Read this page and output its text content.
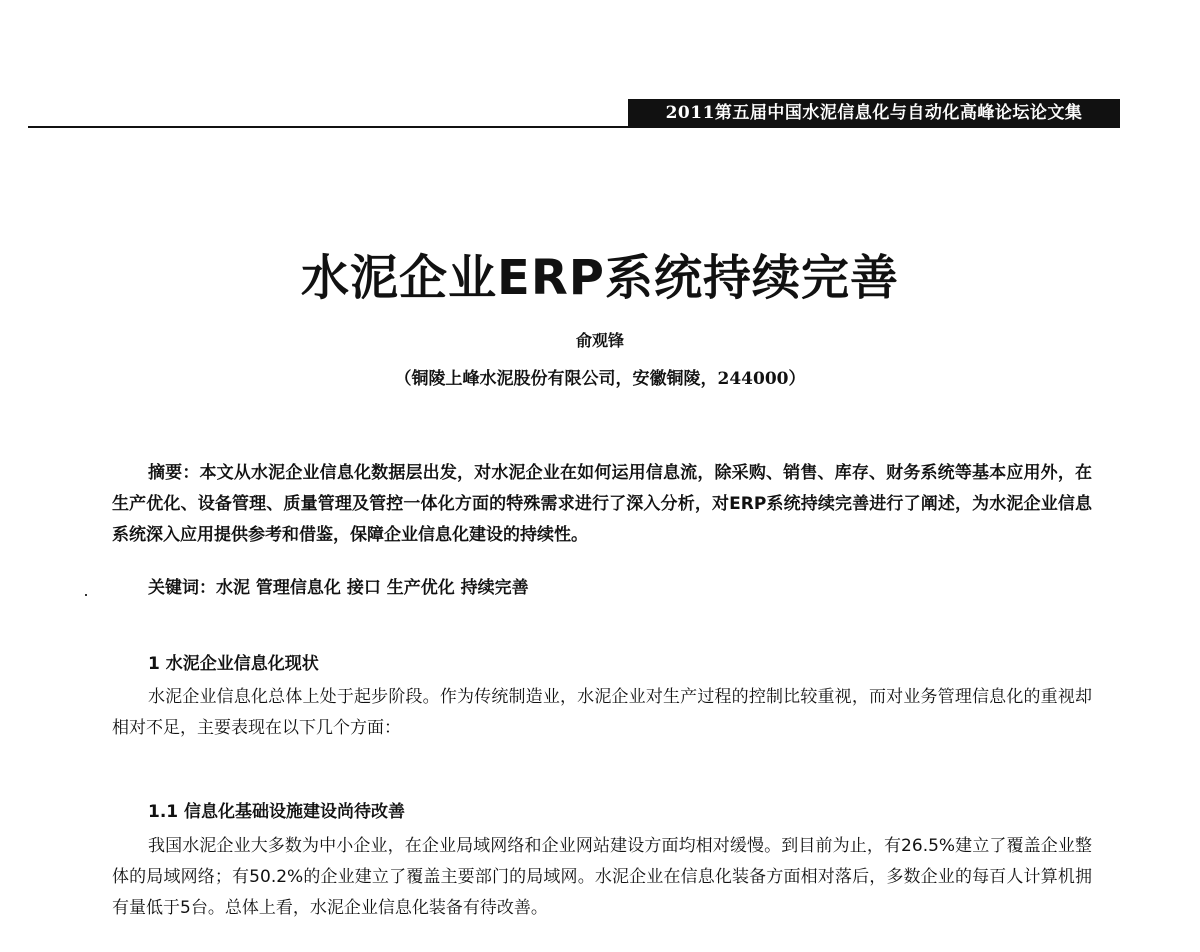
2011第五届中国水泥信息化与自动化高峰论坛论文集
水泥企业ERP系统持续完善
俞观锋
（铜陵上峰水泥股份有限公司，安徽铜陵，244000）

摘要：本文从水泥企业信息化数据层出发，对水泥企业在如何运用信息流，除采购、销售、库存、财务系统等基本应用外，在生产优化、设备管理、质量管理及管控一体化方面的特殊需求进行了深入分析，对ERP系统持续完善进行了阐述，为水泥企业信息系统深入应用提供参考和借鉴，保障企业信息化建设的持续性。

关键词：水泥 管理信息化 接口 生产优化 持续完善

1 水泥企业信息化现状

水泥企业信息化总体上处于起步阶段。作为传统制造业，水泥企业对生产过程的控制比较重视，而对业务管理信息化的重视却相对不足，主要表现在以下几个方面：

1.1 信息化基础设施建设尚待改善

我国水泥企业大多数为中小企业，在企业局域网络和企业网站建设方面均相对缓慢。到目前为止，有26.5%建立了覆盖企业整体的局域网络；有50.2%的企业建立了覆盖主要部门的局域网。水泥企业在信息化装备方面相对落后，多数企业的每百人计算机拥有量低于5台。总体上看，水泥企业信息化装备有待改善。
